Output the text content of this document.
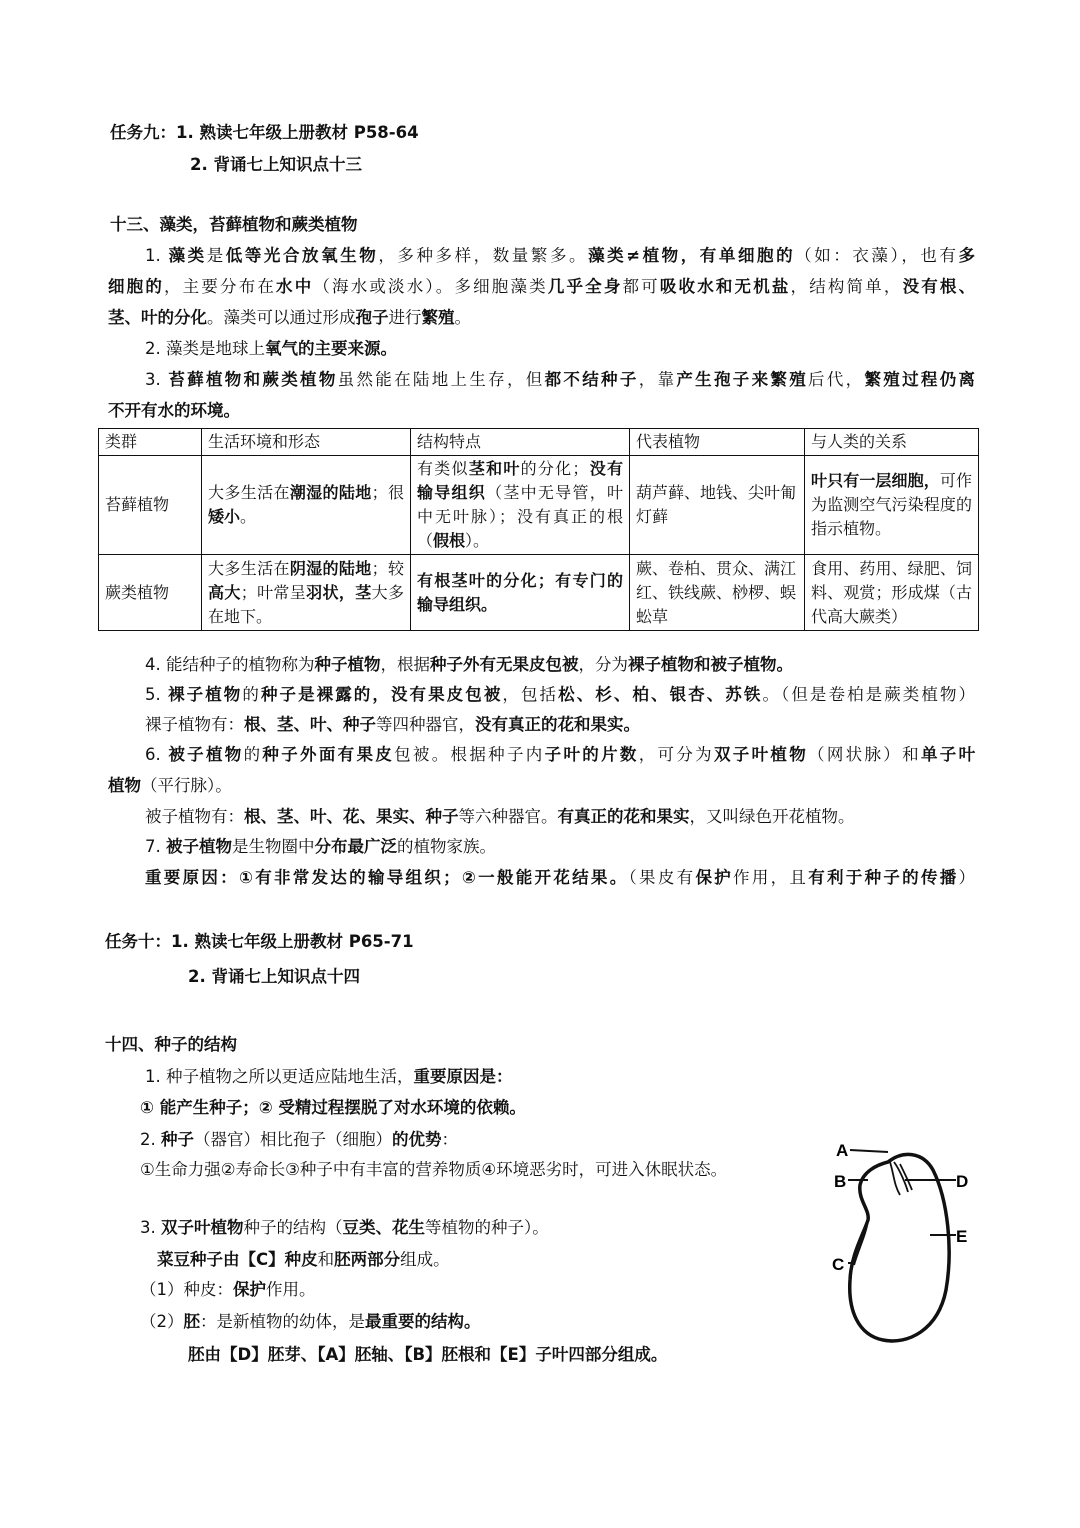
任务九：1. 熟读七年级上册教材 P58-64
2. 背诵七上知识点十三
十三、藻类，苔藓植物和蕨类植物
1. 藻类是低等光合放氧生物，多种多样，数量繁多。藻类≠植物，有单细胞的（如：衣藻），也有多
细胞的，主要分布在水中（海水或淡水）。多细胞藻类几乎全身都可吸收水和无机盐，结构简单，没有根、
茎、叶的分化。藻类可以通过形成孢子进行繁殖。
2. 藻类是地球上氧气的主要来源。
3. 苔藓植物和蕨类植物虽然能在陆地上生存，但都不结种子，靠产生孢子来繁殖后代，繁殖过程仍离
不开有水的环境。
4. 能结种子的植物称为种子植物，根据种子外有无果皮包被，分为裸子植物和被子植物。
5. 裸子植物的种子是裸露的，没有果皮包被，包括松、杉、柏、银杏、苏铁。（但是卷柏是蕨类植物）
裸子植物有：根、茎、叶、种子等四种器官，没有真正的花和果实。
6. 被子植物的种子外面有果皮包被。根据种子内子叶的片数，可分为双子叶植物（网状脉）和单子叶
植物（平行脉）。
被子植物有：根、茎、叶、花、果实、种子等六种器官。有真正的花和果实，又叫绿色开花植物。
7. 被子植物是生物圈中分布最广泛的植物家族。
重要原因：①有非常发达的输导组织；②一般能开花结果。（果皮有保护作用，且有利于种子的传播）
任务十：1. 熟读七年级上册教材 P65-71
2. 背诵七上知识点十四
十四、种子的结构
1. 种子植物之所以更适应陆地生活，重要原因是：
① 能产生种子；② 受精过程摆脱了对水环境的依赖。
2. 种子（器官）相比孢子（细胞）的优势：
①生命力强②寿命长③种子中有丰富的营养物质④环境恶劣时，可进入休眠状态。
3. 双子叶植物种子的结构（豆类、花生等植物的种子）。
菜豆种子由【C】种皮和胚两部分组成。
（1）种皮：保护作用。
（2）胚：是新植物的幼体，是最重要的结构。
胚由【D】胚芽、【A】胚轴、【B】胚根和【E】子叶四部分组成。
类群	生活环境和形态	结构特点	代表植物	与人类的关系
苔藓植物	大多生活在潮湿的陆地；很矮小。	有类似茎和叶的分化；没有输导组织（茎中无导管，叶中无叶脉）；没有真正的根（假根）。	葫芦藓、地钱、尖叶匍灯藓	叶只有一层细胞，可作为监测空气污染程度的指示植物。
蕨类植物	大多生活在阴湿的陆地；较高大；叶常呈羽状，茎大多在地下。	有根茎叶的分化；有专门的输导组织。	蕨、卷柏、贯众、满江红、铁线蕨、桫椤、蜈蚣草	食用、药用、绿肥、饲料、观赏；形成煤（古代高大蕨类）
A
B
C
D
E
